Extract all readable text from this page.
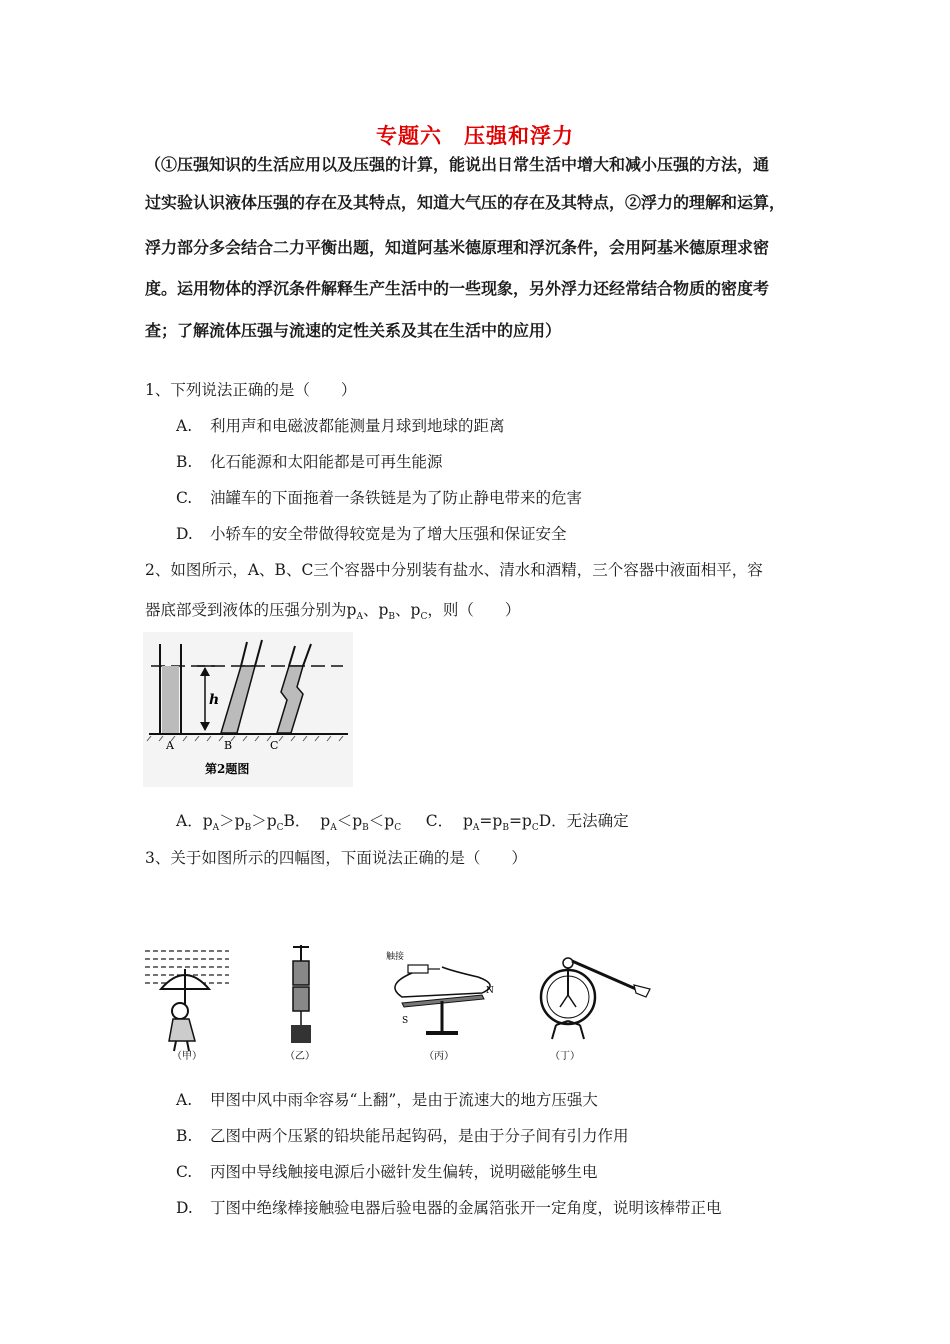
专题六　压强和浮力
（①压强知识的生活应用以及压强的计算，能说出日常生活中增大和减小压强的方法，通
过实验认识液体压强的存在及其特点，知道大气压的存在及其特点，②浮力的理解和运算，
浮力部分多会结合二力平衡出题，知道阿基米德原理和浮沉条件，会用阿基米德原理求密
度。运用物体的浮沉条件解释生产生活中的一些现象，另外浮力还经常结合物质的密度考
查；了解流体压强与流速的定性关系及其在生活中的应用）
1、下列说法正确的是（　　）
A. 利用声和电磁波都能测量月球到地球的距离
B. 化石能源和太阳能都是可再生能源
C. 油罐车的下面拖着一条铁链是为了防止静电带来的危害
D. 小轿车的安全带做得较宽是为了增大压强和保证安全
2、如图所示，A、B、C三个容器中分别装有盐水、清水和酒精，三个容器中液面相平，容
器底部受到液体的压强分别为$p_A$、$p_B$、$p_C$，则（　　）
h
A	B	C
第2题图
A．$p_A>p_B>p_CB$．  $p_A<p_B<p_C$ C．  $p_A=p_B=p_CD$．无法确定
3、关于如图所示的四幅图，下面说法正确的是（　　）
（甲）	（乙）
触接
S
N
（丙）	（丁）
A. 甲图中风中雨伞容易“上翻”，是由于流速大的地方压强大
B. 乙图中两个压紧的铅块能吊起钩码，是由于分子间有引力作用
C. 丙图中导线触接电源后小磁针发生偏转，说明磁能够生电
D. 丁图中绝缘棒接触验电器后验电器的金属箔张开一定角度，说明该棒带正电
